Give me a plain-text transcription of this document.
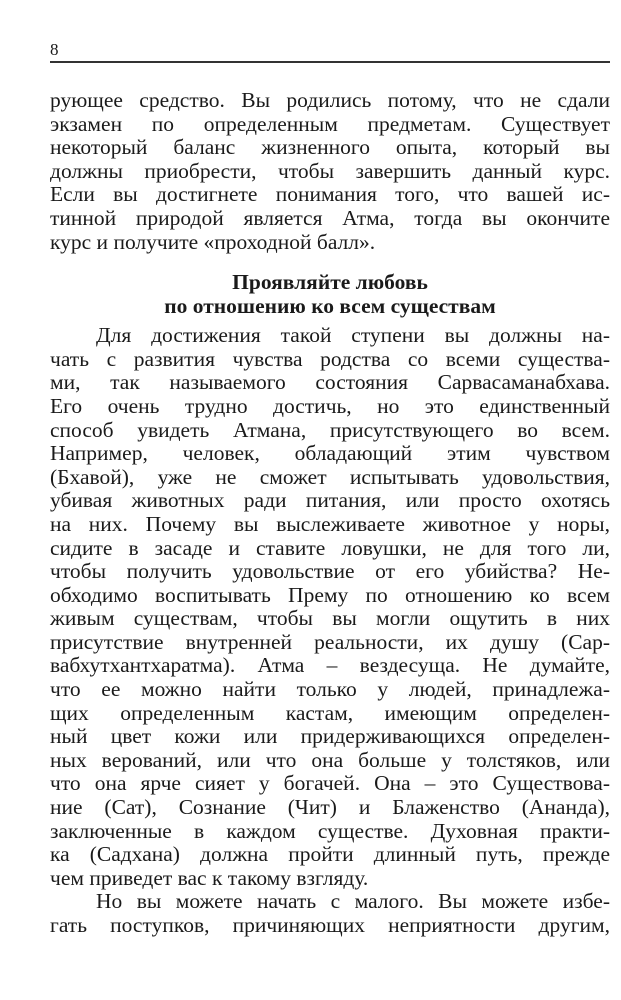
8
рующее средство. Вы родились потому, что не сдали
экзамен по определенным предметам. Существует
некоторый баланс жизненного опыта, который вы
должны приобрести, чтобы завершить данный курс.
Если вы достигнете понимания того, что вашей ис-
тинной природой является Атма, тогда вы окончите
курс и получите «проходной балл».
Проявляйте любовь
по отношению ко всем существам
Для достижения такой ступени вы должны на-
чать с развития чувства родства со всеми существа-
ми, так называемого состояния Сарвасаманабхава.
Его очень трудно достичь, но это единственный
способ увидеть Атмана, присутствующего во всем.
Например, человек, обладающий этим чувством
(Бхавой), уже не сможет испытывать удовольствия,
убивая животных ради питания, или просто охотясь
на них. Почему вы выслеживаете животное у норы,
сидите в засаде и ставите ловушки, не для того ли,
чтобы получить удовольствие от его убийства? Не-
обходимо воспитывать Прему по отношению ко всем
живым существам, чтобы вы могли ощутить в них
присутствие внутренней реальности, их душу (Сар-
вабхутхантхаратма). Атма – вездесуща. Не думайте,
что ее можно найти только у людей, принадлежа-
щих определенным кастам, имеющим определен-
ный цвет кожи или придерживающихся определен-
ных верований, или что она больше у толстяков, или
что она ярче сияет у богачей. Она – это Существова-
ние (Сат), Сознание (Чит) и Блаженство (Ананда),
заключенные в каждом существе. Духовная практи-
ка (Садхана) должна пройти длинный путь, прежде
чем приведет вас к такому взгляду.
Но вы можете начать с малого. Вы можете избе-
гать поступков, причиняющих неприятности другим,
